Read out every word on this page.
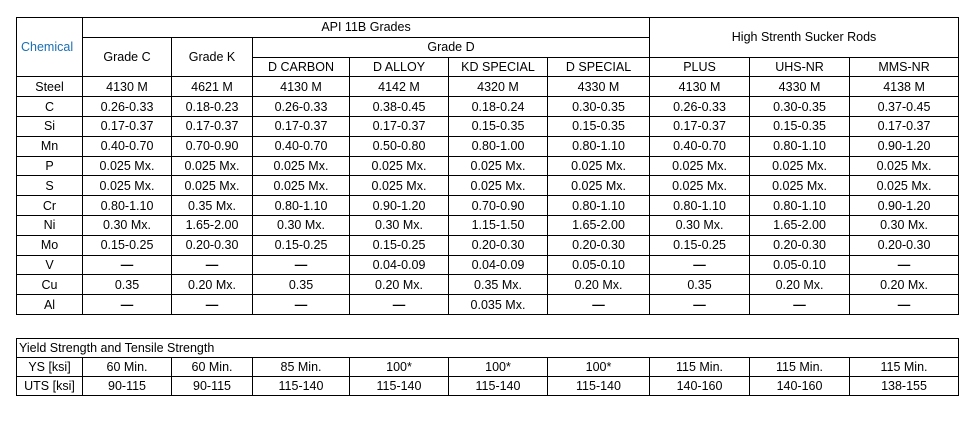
Chemical	API 11B Grades						High Strenth Sucker Rods		
	Grade C	Grade K	Grade D						
			D CARBON	D ALLOY	KD SPECIAL	D SPECIAL	PLUS	UHS-NR	MMS-NR
Steel	4130 M	4621 M	4130 M	4142 M	4320 M	4330 M	4130 M	4330 M	4138 M
C	0.26-0.33	0.18-0.23	0.26-0.33	0.38-0.45	0.18-0.24	0.30-0.35	0.26-0.33	0.30-0.35	0.37-0.45
Si	0.17-0.37	0.17-0.37	0.17-0.37	0.17-0.37	0.15-0.35	0.15-0.35	0.17-0.37	0.15-0.35	0.17-0.37
Mn	0.40-0.70	0.70-0.90	0.40-0.70	0.50-0.80	0.80-1.00	0.80-1.10	0.40-0.70	0.80-1.10	0.90-1.20
P	0.025 Mx.	0.025 Mx.	0.025 Mx.	0.025 Mx.	0.025 Mx.	0.025 Mx.	0.025 Mx.	0.025 Mx.	0.025 Mx.
S	0.025 Mx.	0.025 Mx.	0.025 Mx.	0.025 Mx.	0.025 Mx.	0.025 Mx.	0.025 Mx.	0.025 Mx.	0.025 Mx.
Cr	0.80-1.10	0.35 Mx.	0.80-1.10	0.90-1.20	0.70-0.90	0.80-1.10	0.80-1.10	0.80-1.10	0.90-1.20
Ni	0.30 Mx.	1.65-2.00	0.30 Mx.	0.30 Mx.	1.15-1.50	1.65-2.00	0.30 Mx.	1.65-2.00	0.30 Mx.
Mo	0.15-0.25	0.20-0.30	0.15-0.25	0.15-0.25	0.20-0.30	0.20-0.30	0.15-0.25	0.20-0.30	0.20-0.30
V	—	—	—	0.04-0.09	0.04-0.09	0.05-0.10	—	0.05-0.10	—
Cu	0.35	0.20 Mx.	0.35	0.20 Mx.	0.35 Mx.	0.20 Mx.	0.35	0.20 Mx.	0.20 Mx.
Al	—	—	—	—	0.035 Mx.	—	—	—	—
Yield Strength and Tensile Strength									
YS [ksi]	60 Min.	60 Min.	85 Min.	100*	100*	100*	115 Min.	115 Min.	115 Min.
UTS [ksi]	90-115	90-115	115-140	115-140	115-140	115-140	140-160	140-160	138-155
